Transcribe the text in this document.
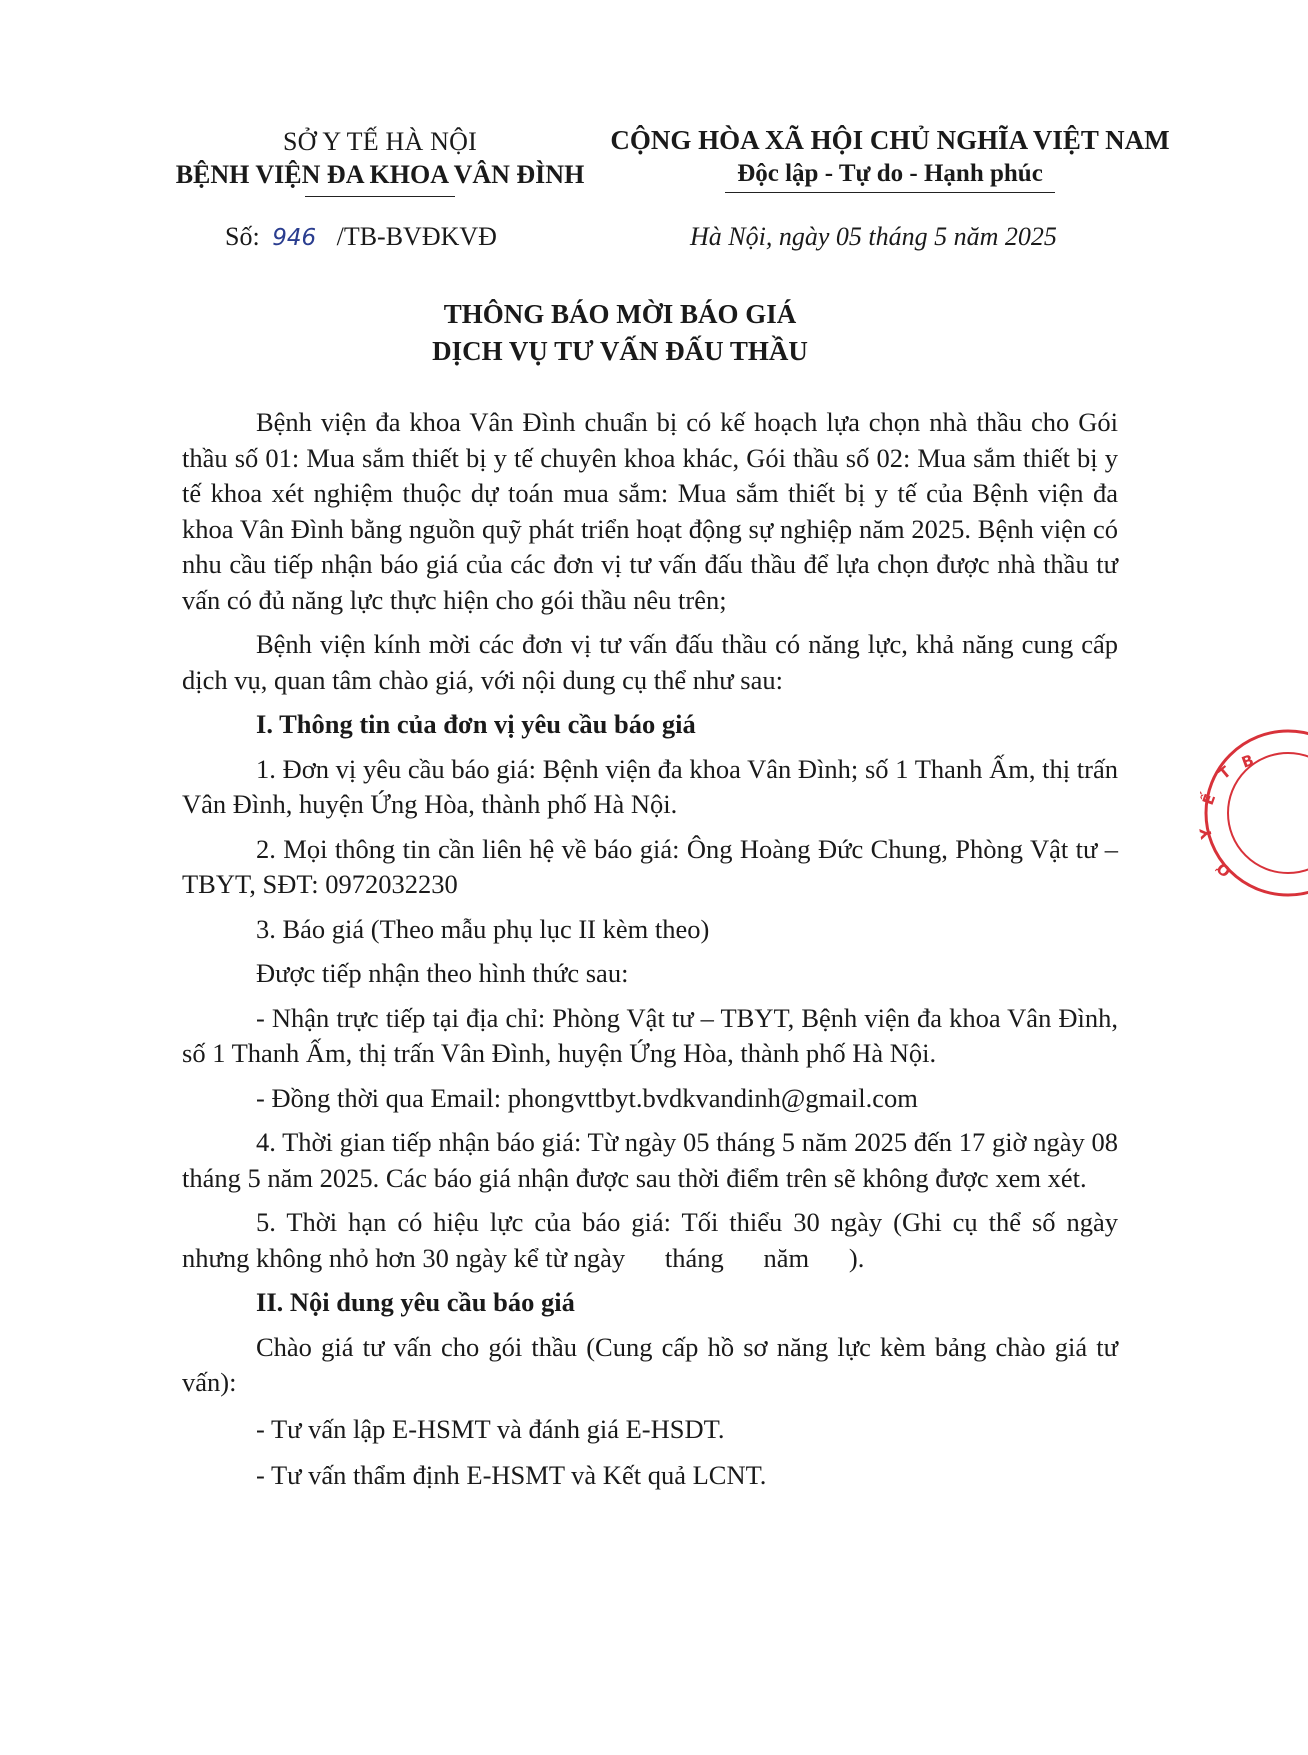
SỞ Y TẾ HÀ NỘI
BỆNH VIỆN ĐA KHOA VÂN ĐÌNH
CỘNG HÒA XÃ HỘI CHỦ NGHĨA VIỆT NAM
Độc lập - Tự do - Hạnh phúc
Số: 946 /TB-BVĐKVĐ	Hà Nội, ngày 05 tháng 5 năm 2025
THÔNG BÁO MỜI BÁO GIÁ
DỊCH VỤ TƯ VẤN ĐẤU THẦU

Bệnh viện đa khoa Vân Đình chuẩn bị có kế hoạch lựa chọn nhà thầu cho Gói thầu số 01: Mua sắm thiết bị y tế chuyên khoa khác, Gói thầu số 02: Mua sắm thiết bị y tế khoa xét nghiệm thuộc dự toán mua sắm: Mua sắm thiết bị y tế của Bệnh viện đa khoa Vân Đình bằng nguồn quỹ phát triển hoạt động sự nghiệp năm 2025. Bệnh viện có nhu cầu tiếp nhận báo giá của các đơn vị tư vấn đấu thầu để lựa chọn được nhà thầu tư vấn có đủ năng lực thực hiện cho gói thầu nêu trên;

Bệnh viện kính mời các đơn vị tư vấn đấu thầu có năng lực, khả năng cung cấp dịch vụ, quan tâm chào giá, với nội dung cụ thể như sau:

I. Thông tin của đơn vị yêu cầu báo giá

1. Đơn vị yêu cầu báo giá: Bệnh viện đa khoa Vân Đình; số 1 Thanh Ấm, thị trấn Vân Đình, huyện Ứng Hòa, thành phố Hà Nội.

2. Mọi thông tin cần liên hệ về báo giá: Ông Hoàng Đức Chung, Phòng Vật tư – TBYT, SĐT: 0972032230

3. Báo giá (Theo mẫu phụ lục II kèm theo)

Được tiếp nhận theo hình thức sau:

- Nhận trực tiếp tại địa chỉ: Phòng Vật tư – TBYT, Bệnh viện đa khoa Vân Đình, số 1 Thanh Ấm, thị trấn Vân Đình, huyện Ứng Hòa, thành phố Hà Nội.

- Đồng thời qua Email: phongvttbyt.bvdkvandinh@gmail.com

4. Thời gian tiếp nhận báo giá: Từ ngày 05 tháng 5 năm 2025 đến 17 giờ ngày 08 tháng 5 năm 2025. Các báo giá nhận được sau thời điểm trên sẽ không được xem xét.

5. Thời hạn có hiệu lực của báo giá: Tối thiểu 30 ngày (Ghi cụ thể số ngày nhưng không nhỏ hơn 30 ngày kể từ ngày      tháng      năm      ).

II. Nội dung yêu cầu báo giá

Chào giá tư vấn cho gói thầu (Cung cấp hồ sơ năng lực kèm bảng chào giá tư vấn):

- Tư vấn lập E-HSMT và đánh giá E-HSDT.

- Tư vấn thẩm định E-HSMT và Kết quả LCNT.

T
Ế
Y
B
Ơ
